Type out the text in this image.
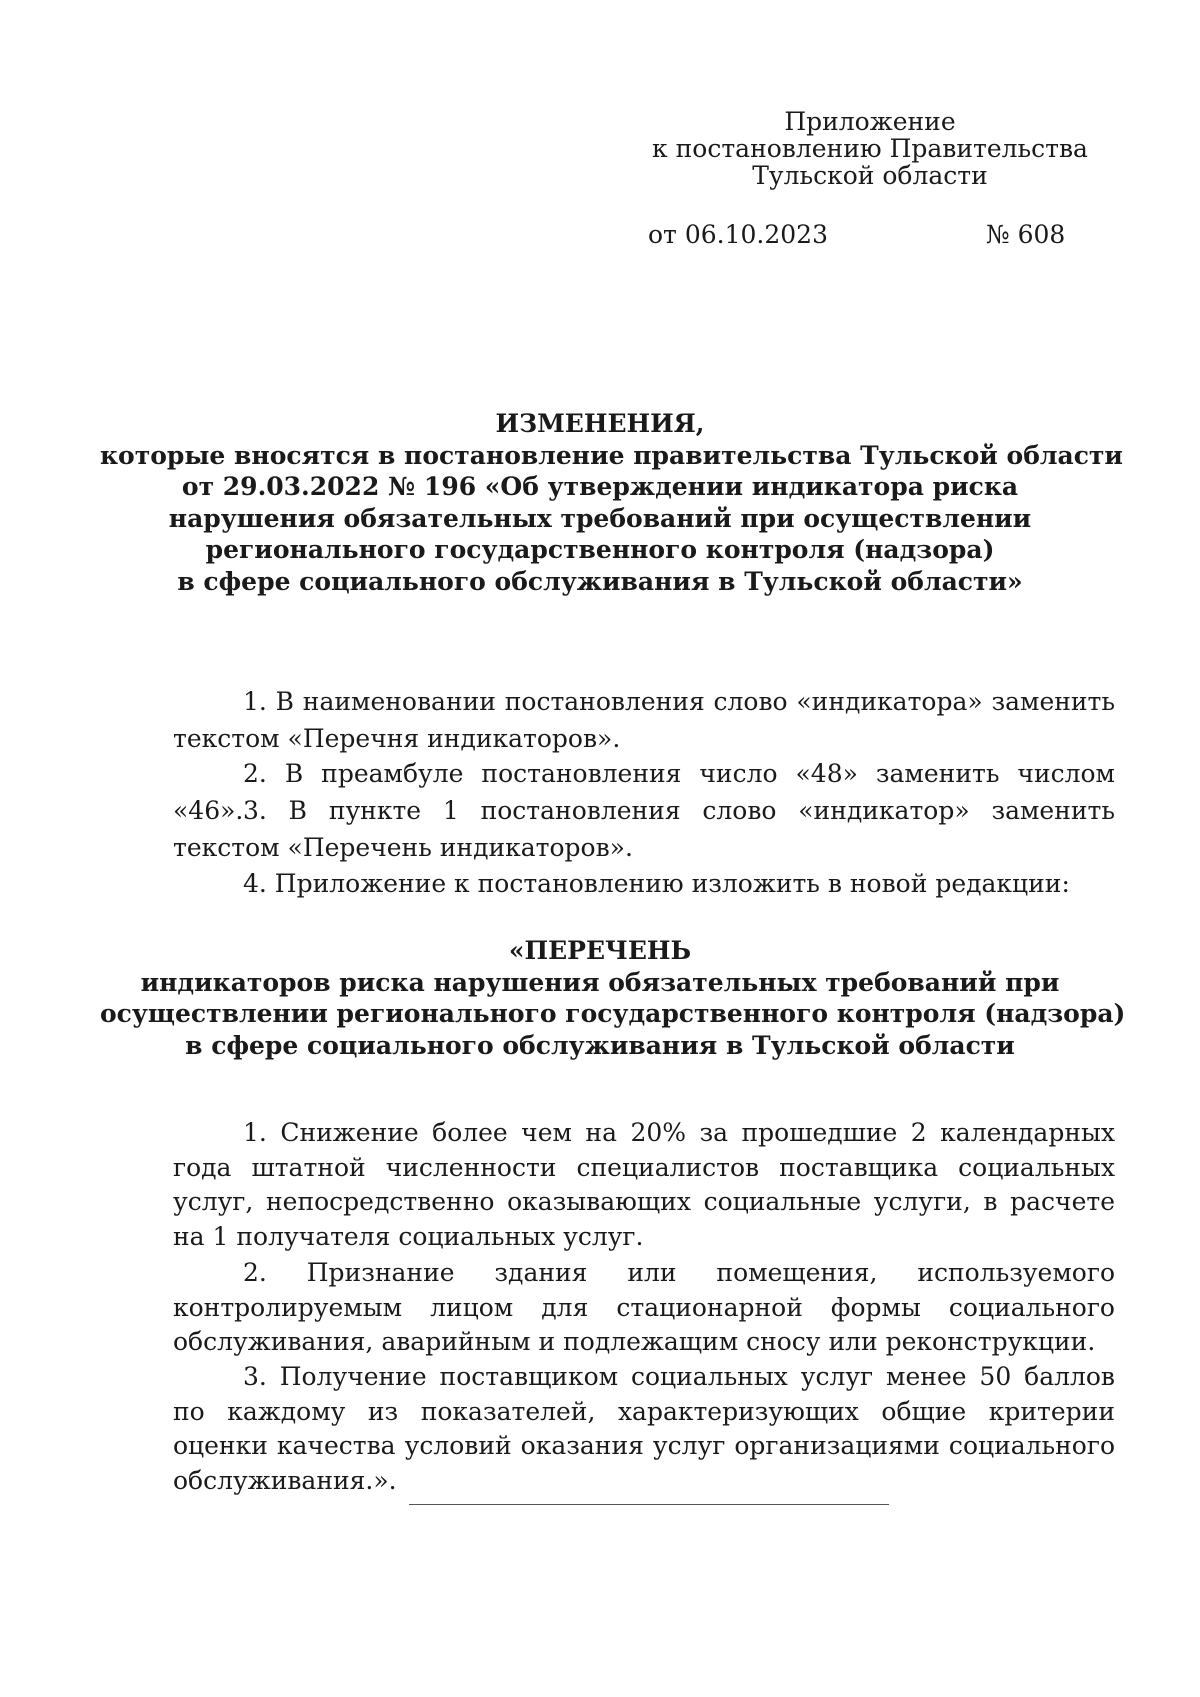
Приложение
к постановлению Правительства
Тульской области
от 06.10.2023	№ 608
ИЗМЕНЕНИЯ,
которые вносятся в постановление правительства Тульской области
от 29.03.2022 № 196 «Об утверждении индикатора риска
нарушения обязательных требований при осуществлении
регионального государственного контроля (надзора)
в сфере социального обслуживания в Тульской области»
1. В наименовании постановления слово «индикатора» заменить текстом «Перечня индикаторов».
2. В преамбуле постановления число «48» заменить числом «46». 3. В пункте 1 постановления слово «индикатор» заменить текстом «Перечень индикаторов».
4. Приложение к постановлению изложить в новой редакции:
«ПЕРЕЧЕНЬ
индикаторов риска нарушения обязательных требований при
осуществлении регионального государственного контроля (надзора)
в сфере социального обслуживания в Тульской области
1. Снижение более чем на 20% за прошедшие 2 календарных года штатной численности специалистов поставщика социальных услуг, непосредственно оказывающих социальные услуги, в расчете на 1 получателя социальных услуг.
2. Признание здания или помещения, используемого контролируемым лицом для стационарной формы социального обслуживания, аварийным и подлежащим сносу или реконструкции.
3. Получение поставщиком социальных услуг менее 50 баллов по каждому из показателей, характеризующих общие критерии оценки качества условий оказания услуг организациями социального обслуживания.».
